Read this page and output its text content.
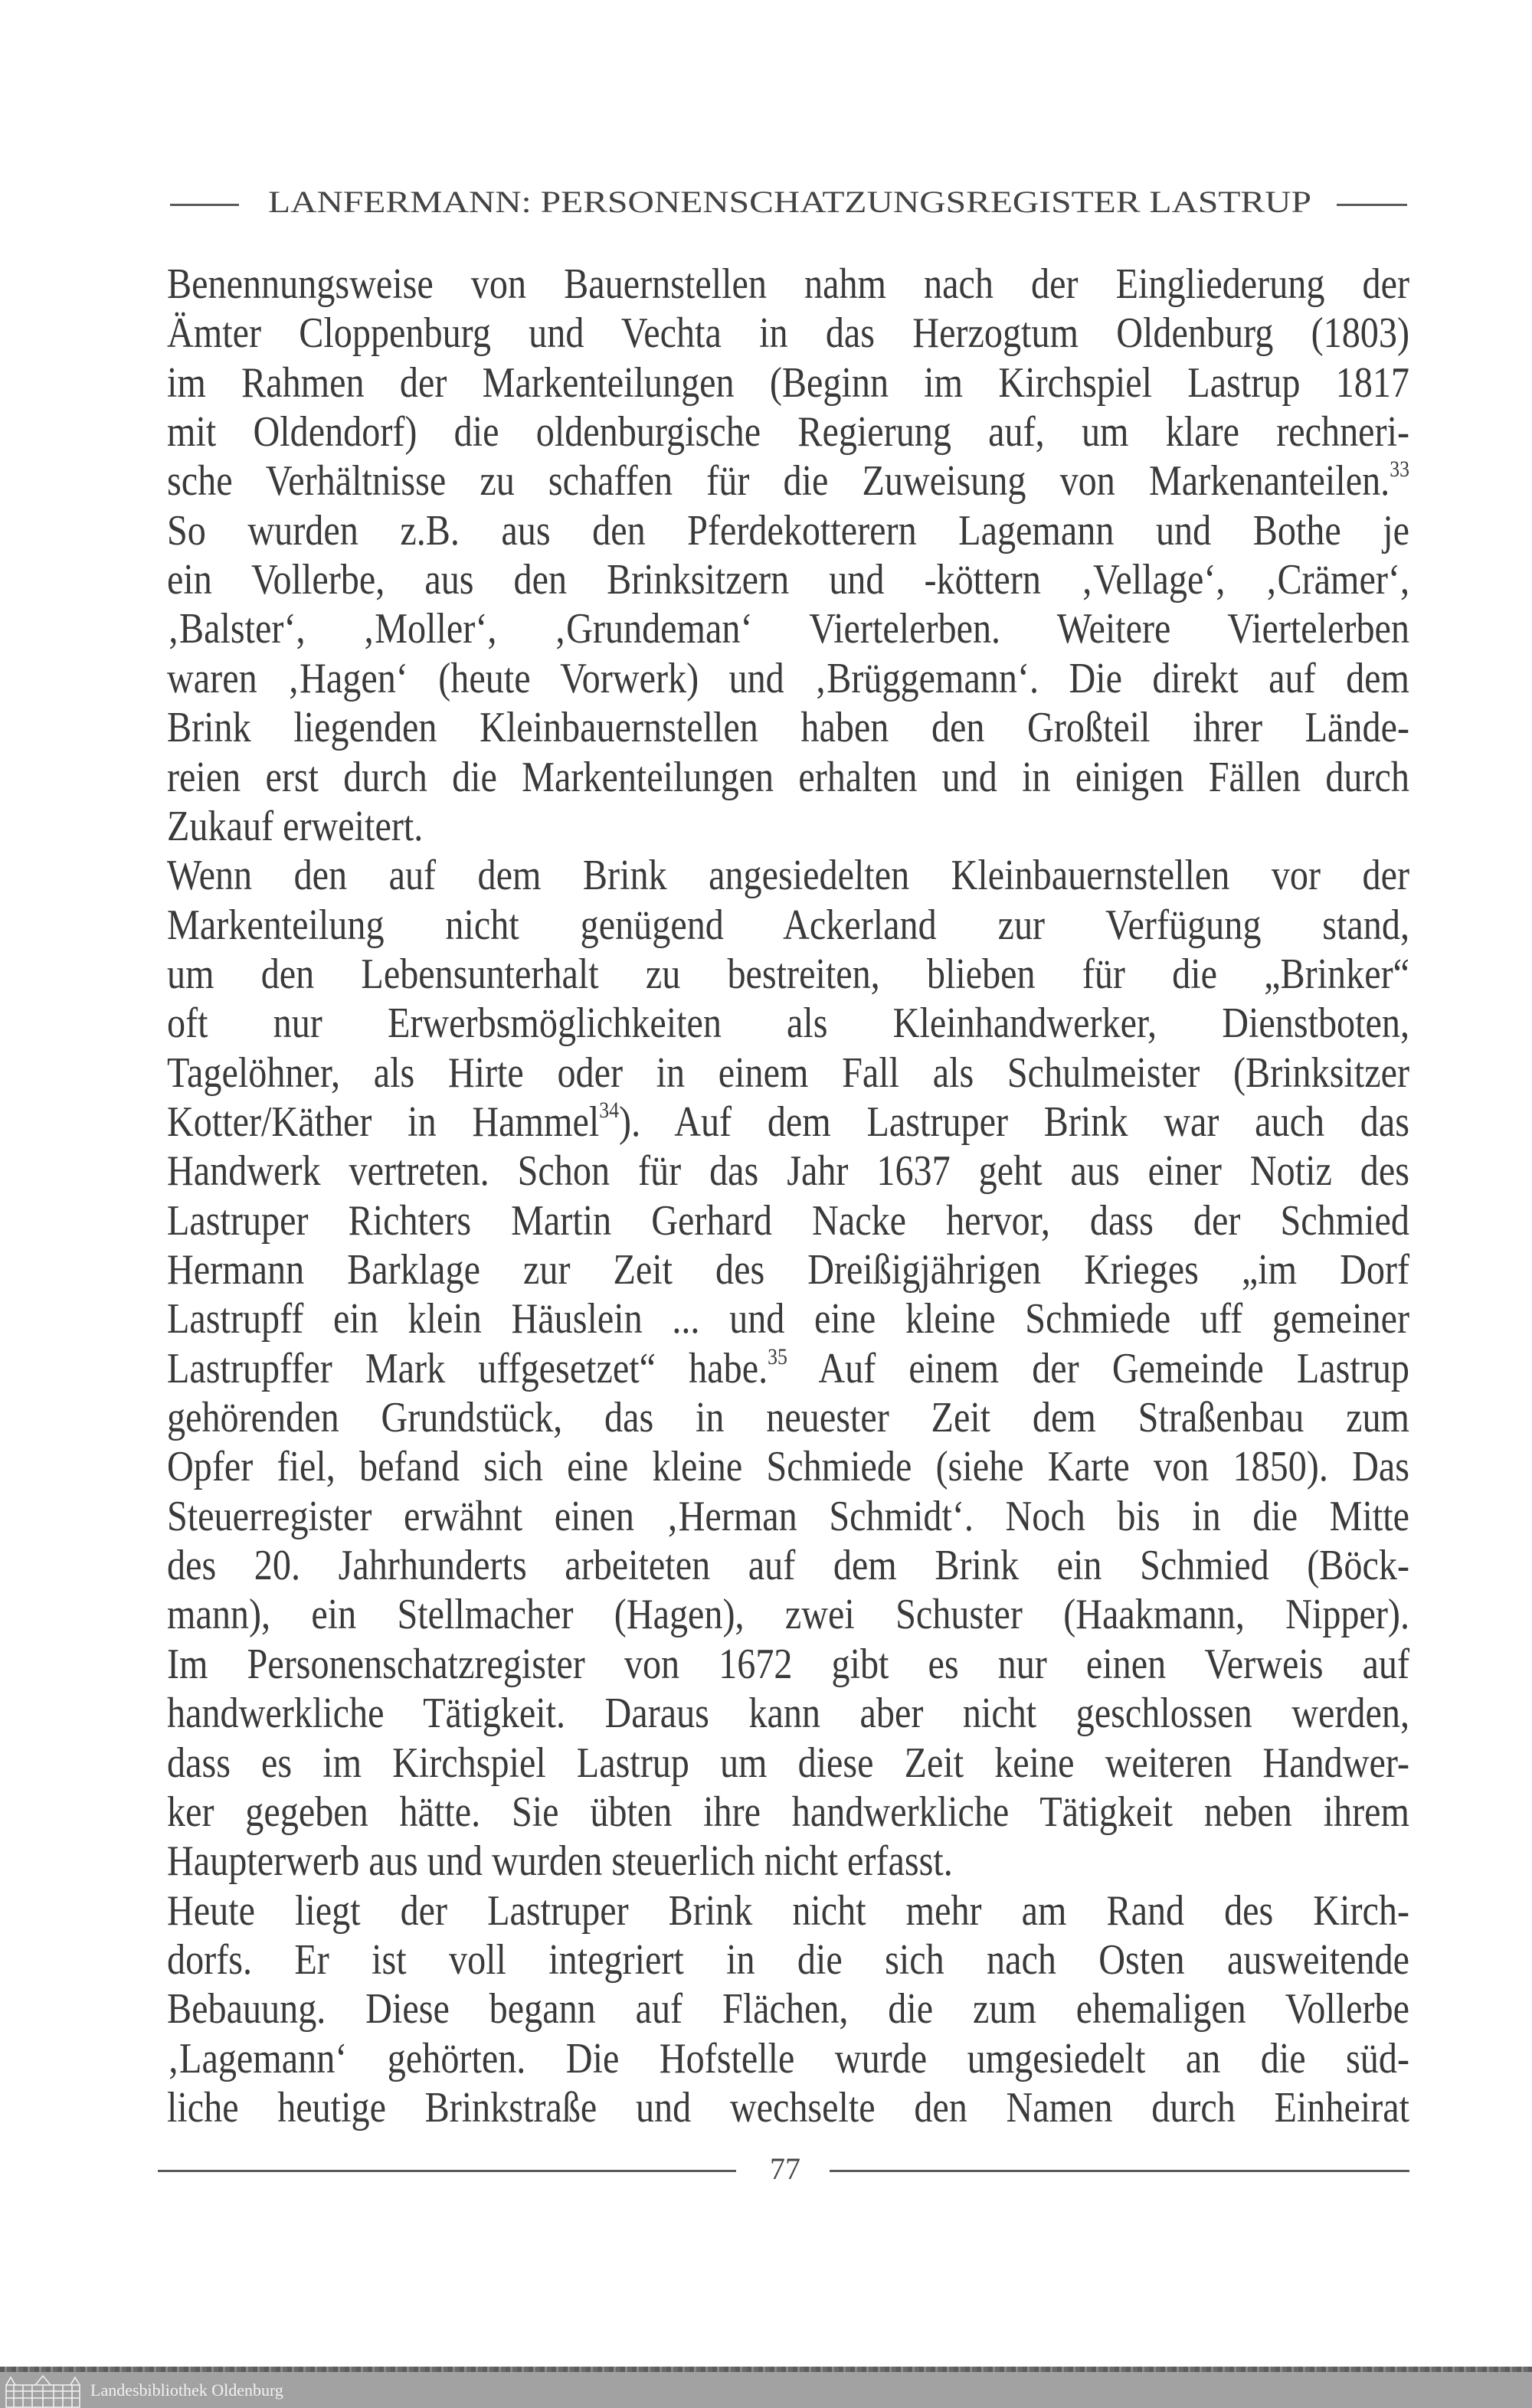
LANFERMANN: PERSONENSCHATZUNGSREGISTER LASTRUP
Benennungsweise von Bauernstellen nahm nach der Eingliederung der
Ämter Cloppenburg und Vechta in das Herzogtum Oldenburg (1803)
im Rahmen der Markenteilungen (Beginn im Kirchspiel Lastrup 1817
mit Oldendorf) die oldenburgische Regierung auf, um klare rechneri-
sche Verhältnisse zu schaffen für die Zuweisung von Markenanteilen.$^{33}$
So wurden z.B. aus den Pferdekotterern Lagemann und Bothe je
ein Vollerbe, aus den Brinksitzern und -köttern ‚Vellage‘, ‚Crämer‘,
‚Balster‘, ‚Moller‘, ‚Grundeman‘ Viertelerben. Weitere Viertelerben
waren ‚Hagen‘ (heute Vorwerk) und ‚Brüggemann‘. Die direkt auf dem
Brink liegenden Kleinbauernstellen haben den Großteil ihrer Lände-
reien erst durch die Markenteilungen erhalten und in einigen Fällen durch
Zukauf erweitert.
Wenn den auf dem Brink angesiedelten Kleinbauernstellen vor der
Markenteilung nicht genügend Ackerland zur Verfügung stand,
um den Lebensunterhalt zu bestreiten, blieben für die „Brinker“
oft nur Erwerbsmöglichkeiten als Kleinhandwerker, Dienstboten,
Tagelöhner, als Hirte oder in einem Fall als Schulmeister (Brinksitzer
Kotter/Käther in Hammel$^{34}$). Auf dem Lastruper Brink war auch das
Handwerk vertreten. Schon für das Jahr 1637 geht aus einer Notiz des
Lastruper Richters Martin Gerhard Nacke hervor, dass der Schmied
Hermann Barklage zur Zeit des Dreißigjährigen Krieges „im Dorf
Lastrupff ein klein Häuslein ... und eine kleine Schmiede uff gemeiner
Lastrupffer Mark uffgesetzet“ habe.$^{35}$ Auf einem der Gemeinde Lastrup
gehörenden Grundstück, das in neuester Zeit dem Straßenbau zum
Opfer fiel, befand sich eine kleine Schmiede (siehe Karte von 1850). Das
Steuerregister erwähnt einen ‚Herman Schmidt‘. Noch bis in die Mitte
des 20. Jahrhunderts arbeiteten auf dem Brink ein Schmied (Böck-
mann), ein Stellmacher (Hagen), zwei Schuster (Haakmann, Nipper).
Im Personenschatzregister von 1672 gibt es nur einen Verweis auf
handwerkliche Tätigkeit. Daraus kann aber nicht geschlossen werden,
dass es im Kirchspiel Lastrup um diese Zeit keine weiteren Handwer-
ker gegeben hätte. Sie übten ihre handwerkliche Tätigkeit neben ihrem
Haupterwerb aus und wurden steuerlich nicht erfasst.
Heute liegt der Lastruper Brink nicht mehr am Rand des Kirch-
dorfs. Er ist voll integriert in die sich nach Osten ausweitende
Bebauung. Diese begann auf Flächen, die zum ehemaligen Vollerbe
‚Lagemann‘ gehörten. Die Hofstelle wurde umgesiedelt an die süd-
liche heutige Brinkstraße und wechselte den Namen durch Einheirat
77
Landesbibliothek Oldenburg
